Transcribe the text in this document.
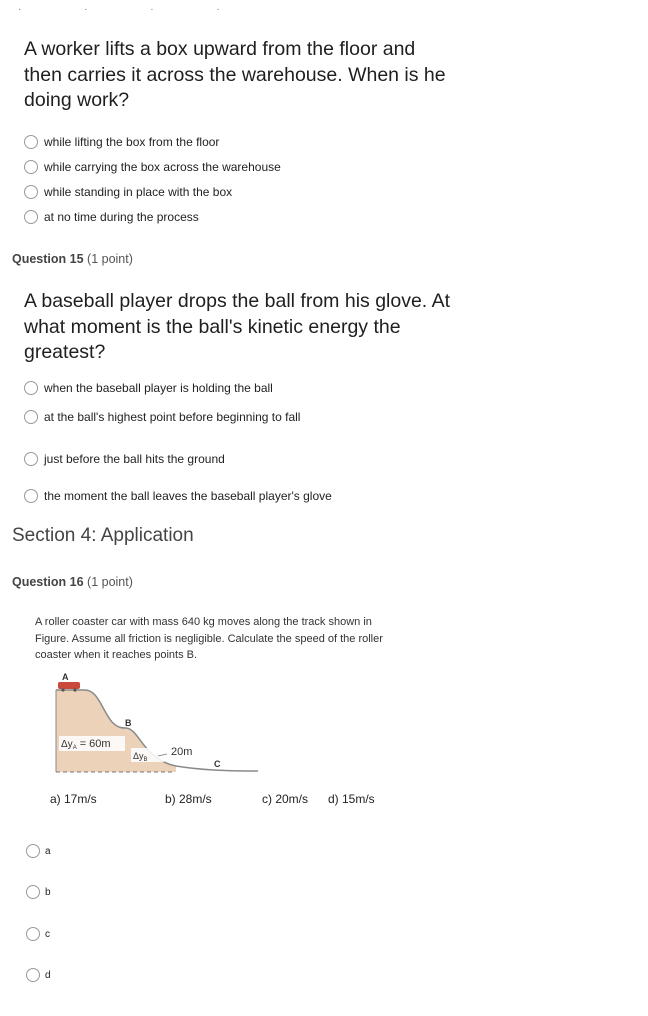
· · · ·
A worker lifts a box upward from the floor and
then carries it across the warehouse. When is he
doing work?
while lifting the box from the floor
while carrying the box across the warehouse
while standing in place with the box
at no time during the process
Question 15 (1 point)
A baseball player drops the ball from his glove. At
what moment is the ball's kinetic energy the
greatest?
when the baseball player is holding the ball
at the ball's highest point before beginning to fall
just before the ball hits the ground
the moment the ball leaves the baseball player's glove
Section 4: Application
Question 16 (1 point)
A roller coaster car with mass 640 kg moves along the track shown in
Figure. Assume all friction is negligible. Calculate the speed of the roller
coaster when it reaches points B.
A
B
C
$\Delta y_A = 60m$
$\Delta y_B$
20m
a) 17m/s	b) 28m/s	c) 20m/s d) 15m/s
a
b
c
d
